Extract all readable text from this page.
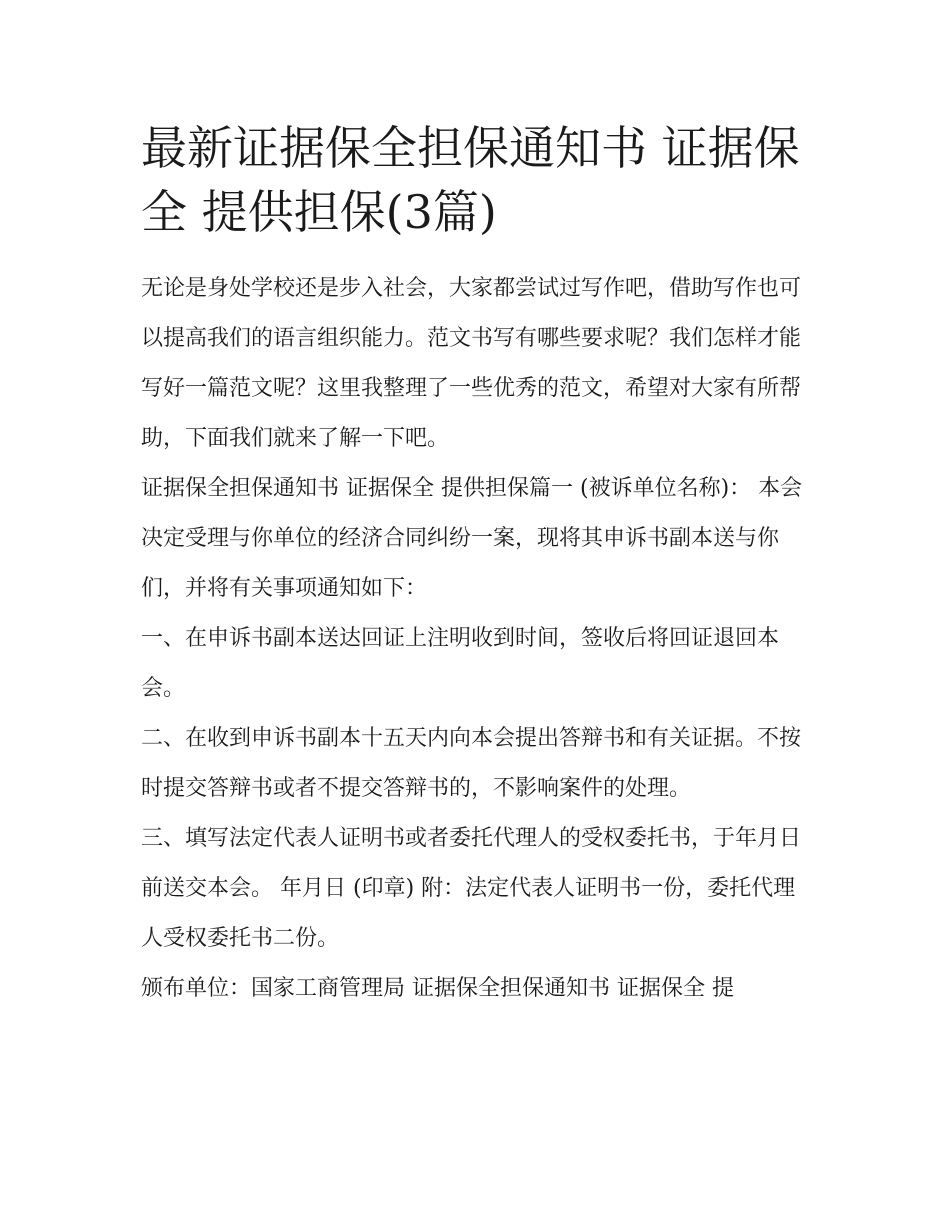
最新证据保全担保通知书 证据保全 提供担保(3篇)

无论是身处学校还是步入社会，大家都尝试过写作吧，借助写作也可以提高我们的语言组织能力。范文书写有哪些要求呢？我们怎样才能写好一篇范文呢？这里我整理了一些优秀的范文，希望对大家有所帮助，下面我们就来了解一下吧。

证据保全担保通知书 证据保全 提供担保篇一 (被诉单位名称)： 本会决定受理与你单位的经济合同纠纷一案，现将其申诉书副本送与你们，并将有关事项通知如下：

一、在申诉书副本送达回证上注明收到时间，签收后将回证退回本会。

二、在收到申诉书副本十五天内向本会提出答辩书和有关证据。不按时提交答辩书或者不提交答辩书的，不影响案件的处理。

三、填写法定代表人证明书或者委托代理人的受权委托书，于年月日前送交本会。 年月日 (印章) 附：法定代表人证明书一份，委托代理人受权委托书二份。

颁布单位：国家工商管理局 证据保全担保通知书 证据保全 提
